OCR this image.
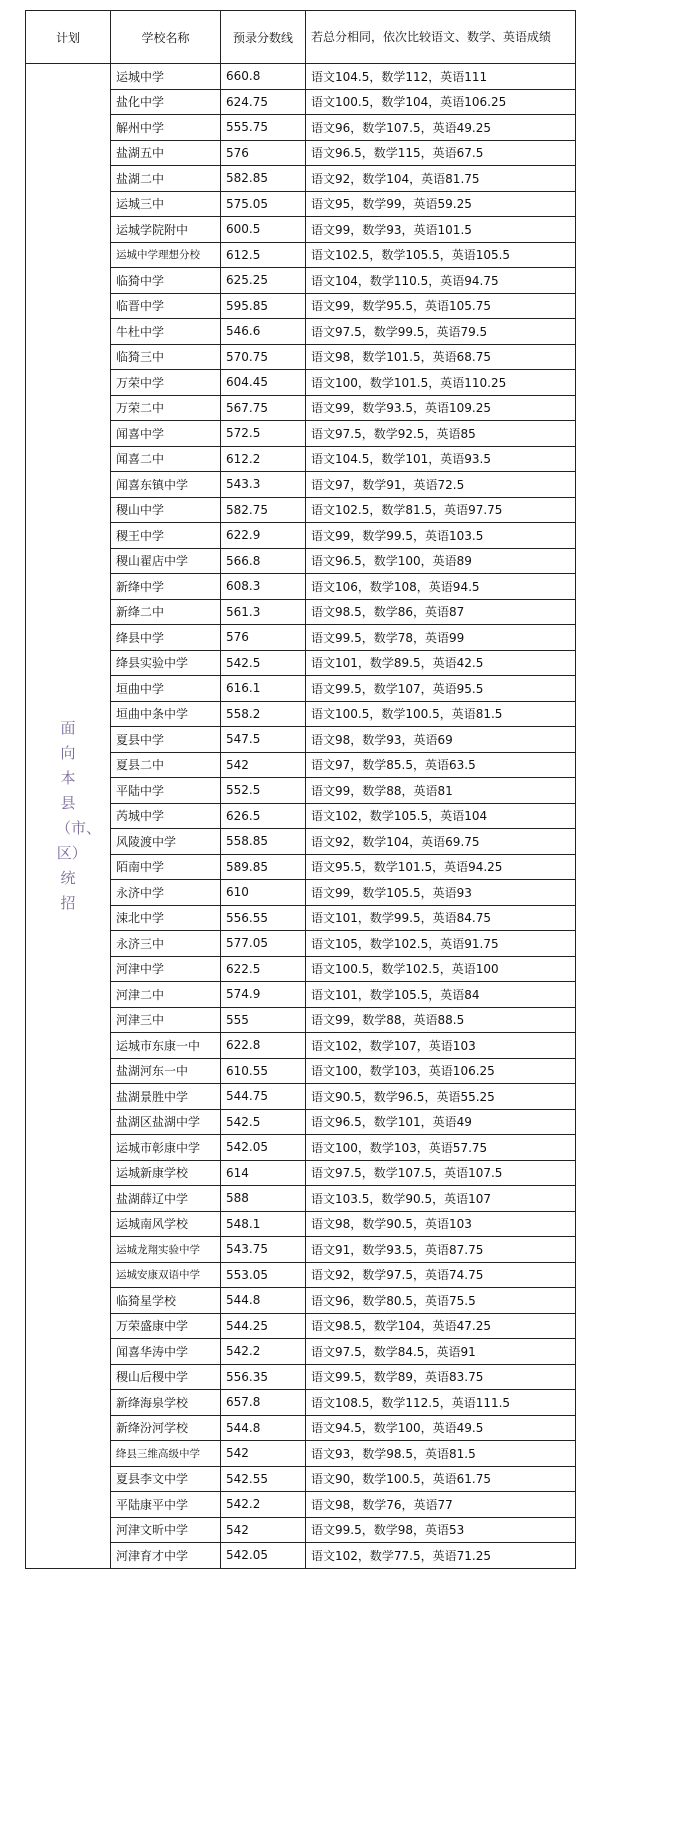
计划	学校名称	预录分数线	若总分相同，依次比较语文、数学、英语成绩
面向本县（市、区）统招	运城中学	660.8	语文104.5，数学112，英语111
	盐化中学	624.75	语文100.5，数学104，英语106.25
	解州中学	555.75	语文96，数学107.5，英语49.25
	盐湖五中	576	语文96.5，数学115，英语67.5
	盐湖二中	582.85	语文92，数学104，英语81.75
	运城三中	575.05	语文95，数学99，英语59.25
	运城学院附中	600.5	语文99，数学93，英语101.5
	运城中学理想分校	612.5	语文102.5，数学105.5，英语105.5
	临猗中学	625.25	语文104，数学110.5，英语94.75
	临晋中学	595.85	语文99，数学95.5，英语105.75
	牛杜中学	546.6	语文97.5，数学99.5，英语79.5
	临猗三中	570.75	语文98，数学101.5，英语68.75
	万荣中学	604.45	语文100，数学101.5，英语110.25
	万荣二中	567.75	语文99，数学93.5，英语109.25
	闻喜中学	572.5	语文97.5，数学92.5，英语85
	闻喜二中	612.2	语文104.5，数学101，英语93.5
	闻喜东镇中学	543.3	语文97，数学91，英语72.5
	稷山中学	582.75	语文102.5，数学81.5，英语97.75
	稷王中学	622.9	语文99，数学99.5，英语103.5
	稷山翟店中学	566.8	语文96.5，数学100，英语89
	新绛中学	608.3	语文106，数学108，英语94.5
	新绛二中	561.3	语文98.5，数学86，英语87
	绛县中学	576	语文99.5，数学78，英语99
	绛县实验中学	542.5	语文101，数学89.5，英语42.5
	垣曲中学	616.1	语文99.5，数学107，英语95.5
	垣曲中条中学	558.2	语文100.5，数学100.5，英语81.5
	夏县中学	547.5	语文98，数学93，英语69
	夏县二中	542	语文97，数学85.5，英语63.5
	平陆中学	552.5	语文99，数学88，英语81
	芮城中学	626.5	语文102，数学105.5，英语104
	风陵渡中学	558.85	语文92，数学104，英语69.75
	陌南中学	589.85	语文95.5，数学101.5，英语94.25
	永济中学	610	语文99，数学105.5，英语93
	涑北中学	556.55	语文101，数学99.5，英语84.75
	永济三中	577.05	语文105，数学102.5，英语91.75
	河津中学	622.5	语文100.5，数学102.5，英语100
	河津二中	574.9	语文101，数学105.5，英语84
	河津三中	555	语文99，数学88，英语88.5
	运城市东康一中	622.8	语文102，数学107，英语103
	盐湖河东一中	610.55	语文100，数学103，英语106.25
	盐湖景胜中学	544.75	语文90.5，数学96.5，英语55.25
	盐湖区盐湖中学	542.5	语文96.5，数学101，英语49
	运城市彰康中学	542.05	语文100，数学103，英语57.75
	运城新康学校	614	语文97.5，数学107.5，英语107.5
	盐湖薛辽中学	588	语文103.5，数学90.5，英语107
	运城南风学校	548.1	语文98，数学90.5，英语103
	运城龙翔实验中学	543.75	语文91，数学93.5，英语87.75
	运城安康双语中学	553.05	语文92，数学97.5，英语74.75
	临猗星学校	544.8	语文96，数学80.5，英语75.5
	万荣盛康中学	544.25	语文98.5，数学104，英语47.25
	闻喜华涛中学	542.2	语文97.5，数学84.5，英语91
	稷山后稷中学	556.35	语文99.5，数学89，英语83.75
	新绛海泉学校	657.8	语文108.5，数学112.5，英语111.5
	新绛汾河学校	544.8	语文94.5，数学100，英语49.5
	绛县三维高级中学	542	语文93，数学98.5，英语81.5
	夏县李文中学	542.55	语文90，数学100.5，英语61.75
	平陆康平中学	542.2	语文98，数学76，英语77
	河津文昕中学	542	语文99.5，数学98，英语53
	河津育才中学	542.05	语文102，数学77.5，英语71.25
